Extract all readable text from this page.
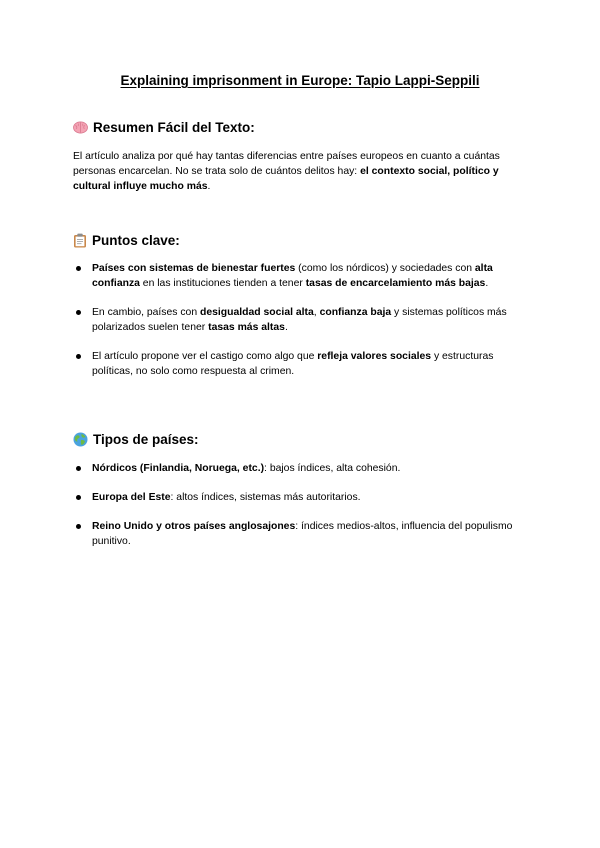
Explaining imprisonment in Europe: Tapio Lappi-Seppili
Resumen Fácil del Texto:
El artículo analiza por qué hay tantas diferencias entre países europeos en cuanto a cuántas personas encarcelan. No se trata solo de cuántos delitos hay: el contexto social, político y cultural influye mucho más.
Puntos clave:
Países con sistemas de bienestar fuertes (como los nórdicos) y sociedades con alta confianza en las instituciones tienden a tener tasas de encarcelamiento más bajas.
En cambio, países con desigualdad social alta, confianza baja y sistemas políticos más polarizados suelen tener tasas más altas.
El artículo propone ver el castigo como algo que refleja valores sociales y estructuras políticas, no solo como respuesta al crimen.
Tipos de países:
Nórdicos (Finlandia, Noruega, etc.): bajos índices, alta cohesión.
Europa del Este: altos índices, sistemas más autoritarios.
Reino Unido y otros países anglosajones: índices medios-altos, influencia del populismo punitivo.
